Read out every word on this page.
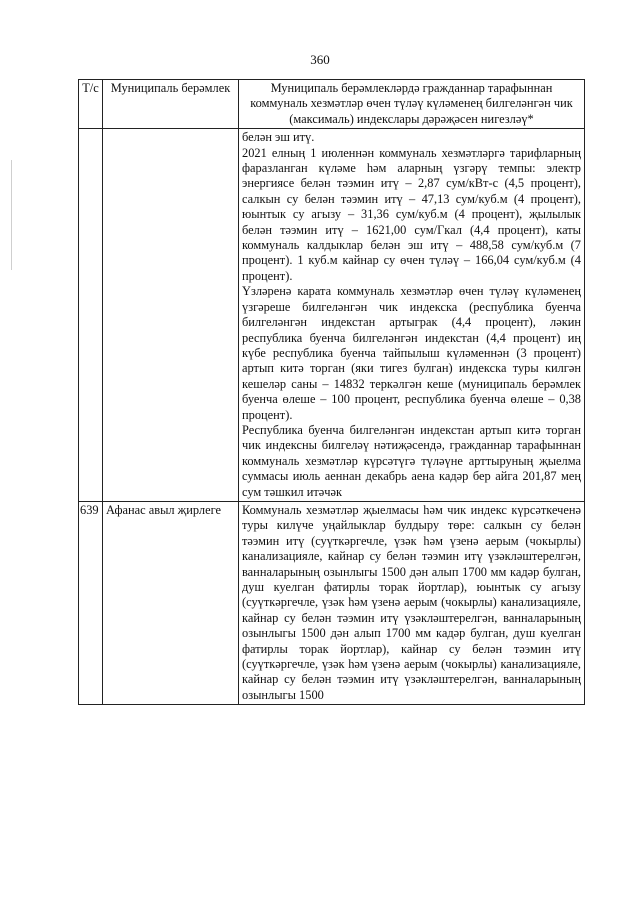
360
Т/с	Муниципаль берәмлек	Муниципаль берәмлекләрдә гражданнар тарафыннан коммуналь хезмәтләр өчен түләү күләменең билгеләнгән чик (максималь) индекслары дәрәҗәсен нигезләү*

		белән эш итү.

2021 елның 1 июленнән коммуналь хезмәтләргә тарифларның фаразланган күләме һәм аларның үзгәрү темпы: электр энергиясе белән тәэмин итү – 2,87 сум/кВт-с (4,5 процент), салкын су белән тәэмин итү – 47,13 сум/куб.м (4 процент), юынтык су агызу – 31,36 сум/куб.м (4 процент), җылылык белән тәэмин итү – 1621,00 сум/Гкал (4,4 процент), каты коммуналь калдыклар белән эш итү – 488,58 сум/куб.м (7 процент). 1 куб.м кайнар су өчен түләү – 166,04 сум/куб.м (4 процент).

Үзләренә карата коммуналь хезмәтләр өчен түләү күләменең үзгәреше билгеләнгән чик индекска (республика буенча билгеләнгән индекстан артыграк (4,4 процент), ләкин республика буенча билгеләнгән индекстан (4,4 процент) иң күбе республика буенча тайпылыш күләменнән (3 процент) артып китә торган (яки тигез булган) индекска туры килгән кешеләр саны – 14832 теркәлгән кеше (муниципаль берәмлек буенча өлеше – 100 процент, республика буенча өлеше – 0,38 процент).

Республика буенча билгеләнгән индекстан артып китә торган чик индексны билгеләү нәтиҗәсендә, гражданнар тарафыннан коммуналь хезмәтләр күрсәтүгә түләүне арттыруның җыелма суммасы июль аеннан декабрь аена кадәр бер айга 201,87 мең сум тәшкил итәчәк

639	Афанас авыл җирлеге	Коммуналь хезмәтләр җыелмасы һәм чик индекс күрсәткеченә туры килүче уңайлыклар булдыру төре: салкын су белән тәэмин итү (суүткәргечле, үзәк һәм үзенә аерым (чокырлы) канализацияле, кайнар су белән тәэмин итү үзәкләштерелгән, ванналарының озынлыгы 1500 дән алып 1700 мм кадәр булган, душ куелган фатирлы торак йортлар), юынтык су агызу (суүткәргечле, үзәк һәм үзенә аерым (чокырлы) канализацияле, кайнар су белән тәэмин итү үзәкләштерелгән, ванналарының озынлыгы 1500 дән алып 1700 мм кадәр булган, душ куелган фатирлы торак йортлар), кайнар су белән тәэмин итү (суүткәргечле, үзәк һәм үзенә аерым (чокырлы) канализацияле, кайнар су белән тәэмин итү үзәкләштерелгән, ванналарының озынлыгы 1500
